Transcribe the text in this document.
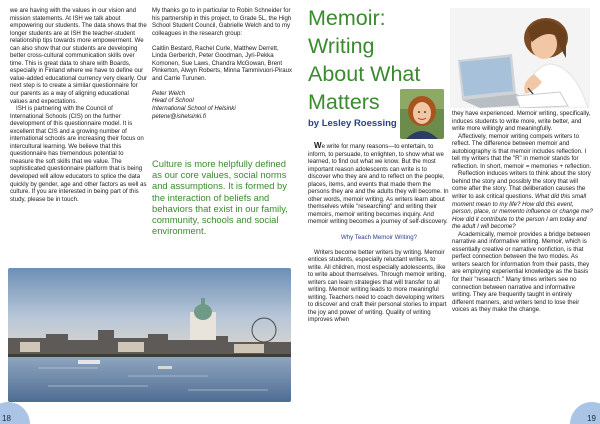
we are having with the values in our vision and mission statements. At ISH we talk about empowering our students. The data shows that the longer students are at ISH the teacher-student relationship tips towards more empowerment. We can also show that our students are developing better cross-cultural communication skills over time. This is great data to share with Boards, especially in Finland where we have to define our value-added educational currency very clearly. Our next step is to create a similar questionnaire for our parents as a way of aligning educational values and expectations.

ISH is partnering with the Council of International Schools (CIS) on the further development of this questionnaire model. It is excellent that CIS and a growing number of international schools are increasing their focus on intercultural learning. We believe that this questionnaire has tremendous potential to measure the soft skills that we value. The sophisticated questionnaire platform that is being developed will allow educators to splice the data quickly by gender, age and other factors as well as culture. If you are interested in being part of this study, please be in touch.

My thanks go to in particular to Robin Schneider for his partnership in this project, to Grade 5L, the High School Student Council, Gabrielle Welch and to my colleagues in the research group:

Caitlin Bestard, Rachel Curle, Matthew Derrett, Linda Gerberich, Peter Goodman, Jyri-Pekka Komonen, Sue Laws, Chandra McGowan, Brent Pinkerton, Alwyn Roberts, Minna Tammivuori-Piraux and Carrie Turunen.

Peter Welch

Head of School

International School of Helsinki

peterw@ishelsinki.fi

Culture is more helpfully defined as our core values, social norms and assumptions. It is formed by the interaction of beliefs and behaviors that exist in our family, community, schools and social environment.
18
Memoir:
Writing
About What
Matters
by Lesley Roessing

We write for many reasons—to entertain, to inform, to persuade, to enlighten, to show what we learned, to find out what we know. But the most important reason adolescents can write is to discover who they are and to reflect on the people, places, items, and events that made them the persons they are and the adults they will become. In other words, memoir writing. As writers learn about themselves while "researching" and writing their memoirs, memoir writing becomes inquiry. And memoir writing becomes a journey of self-discovery.

Why Teach Memoir Writing?

Writers become better writers by writing. Memoir entices students, especially reluctant writers, to write. All children, most especially adolescents, like to write about themselves. Through memoir writing, writers can learn strategies that will transfer to all writing. Memoir writing leads to more meaningful writing. Teachers need to coach developing writers to discover and craft their personal stories to impart the joy and power of writing. Quality of writing improves when

they have experienced. Memoir writing, specifically, induces students to write more, write better, and write more willingly and meaningfully.

Affectively, memoir writing compels writers to reflect. The difference between memoir and autobiography is that memoir includes reflection. I tell my writers that the "R" in memoir stands for reflection. In short, memoir = memories + reflection.

Reflection induces writers to think about the story behind the story and possibly the story that will come after the story. That deliberation causes the writer to ask critical questions. What did this small moment mean to my life? How did this event, person, place, or memento influence or change me? How did it contribute to the person I am today and the adult I will become?

Academically, memoir provides a bridge between narrative and informative writing. Memoir, which is essentially creative or narrative nonfiction, is that perfect connection between the two modes. As writers search for information from their pasts, they are employing experiential knowledge as the basis for their "research." Many times writers see no connection between narrative and informative writing. They are frequently taught in entirely different manners, and writers tend to lose their voices as they make the change.

19
